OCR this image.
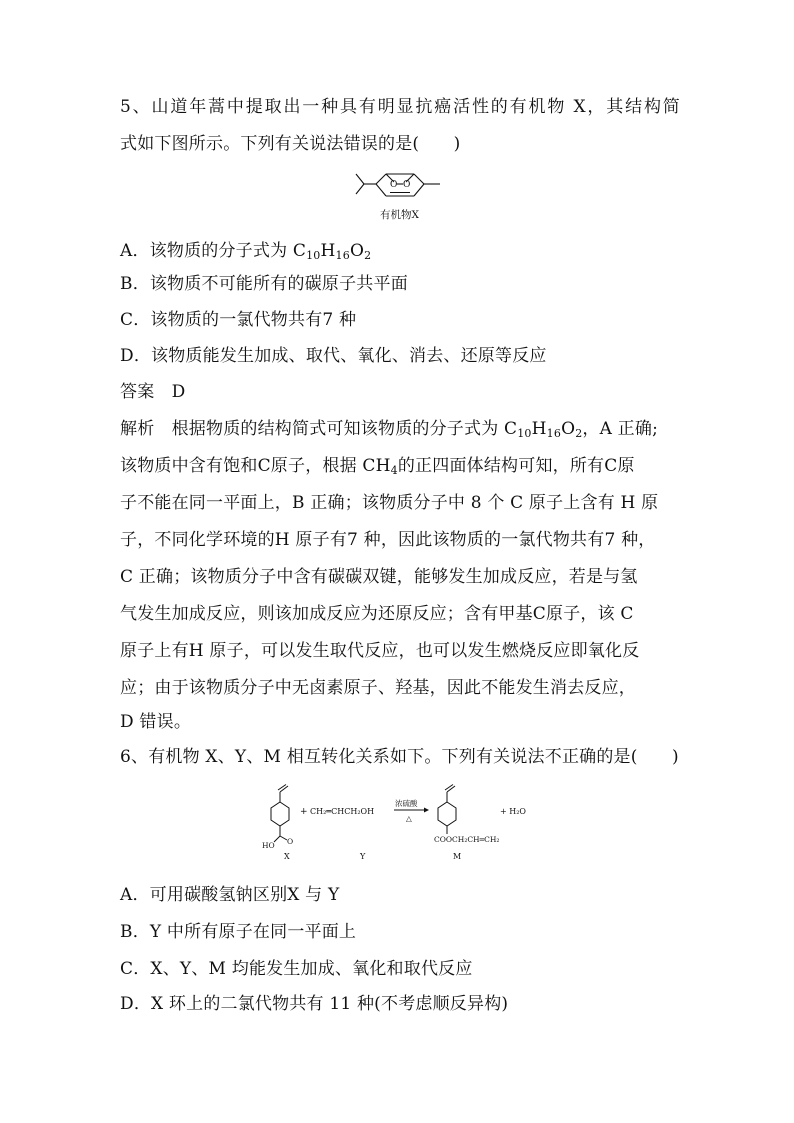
5、山道年蒿中提取出一种具有明显抗癌活性的有机物 X，其结构简
式如下图所示。下列有关说法错误的是(　　)
O O
有机物X
A．该物质的分子式为 $C_{10}H_{16}O_2$
B．该物质不可能所有的碳原子共平面
C．该物质的一氯代物共有7 种
D．该物质能发生加成、取代、氧化、消去、还原等反应
答案　D
解析　根据物质的结构简式可知该物质的分子式为 $C_{10}H_{16}O_2$，A 正确;
该物质中含有饱和C原子，根据 $CH_4$的正四面体结构可知，所有C原
子不能在同一平面上，B 正确；该物质分子中 8 个 C 原子上含有 H 原
子，不同化学环境的H 原子有7 种，因此该物质的一氯代物共有7 种，
C 正确；该物质分子中含有碳碳双键，能够发生加成反应，若是与氢
气发生加成反应，则该加成反应为还原反应；含有甲基C原子，该 C
原子上有H 原子，可以发生取代反应，也可以发生燃烧反应即氧化反
应；由于该物质分子中无卤素原子、羟基，因此不能发生消去反应，
D 错误。
6、有机物 X、Y、M 相互转化关系如下。下列有关说法不正确的是(　　)
O
HO
X
+ CH₂═CHCH₂OH
Y
浓硫酸
△
COOCH₂CH═CH₂
M
+ H₂O
A．可用碳酸氢钠区别X 与 Y
B．Y 中所有原子在同一平面上
C．X、Y、M 均能发生加成、氧化和取代反应
D．X 环上的二氯代物共有 11 种(不考虑顺反异构)
